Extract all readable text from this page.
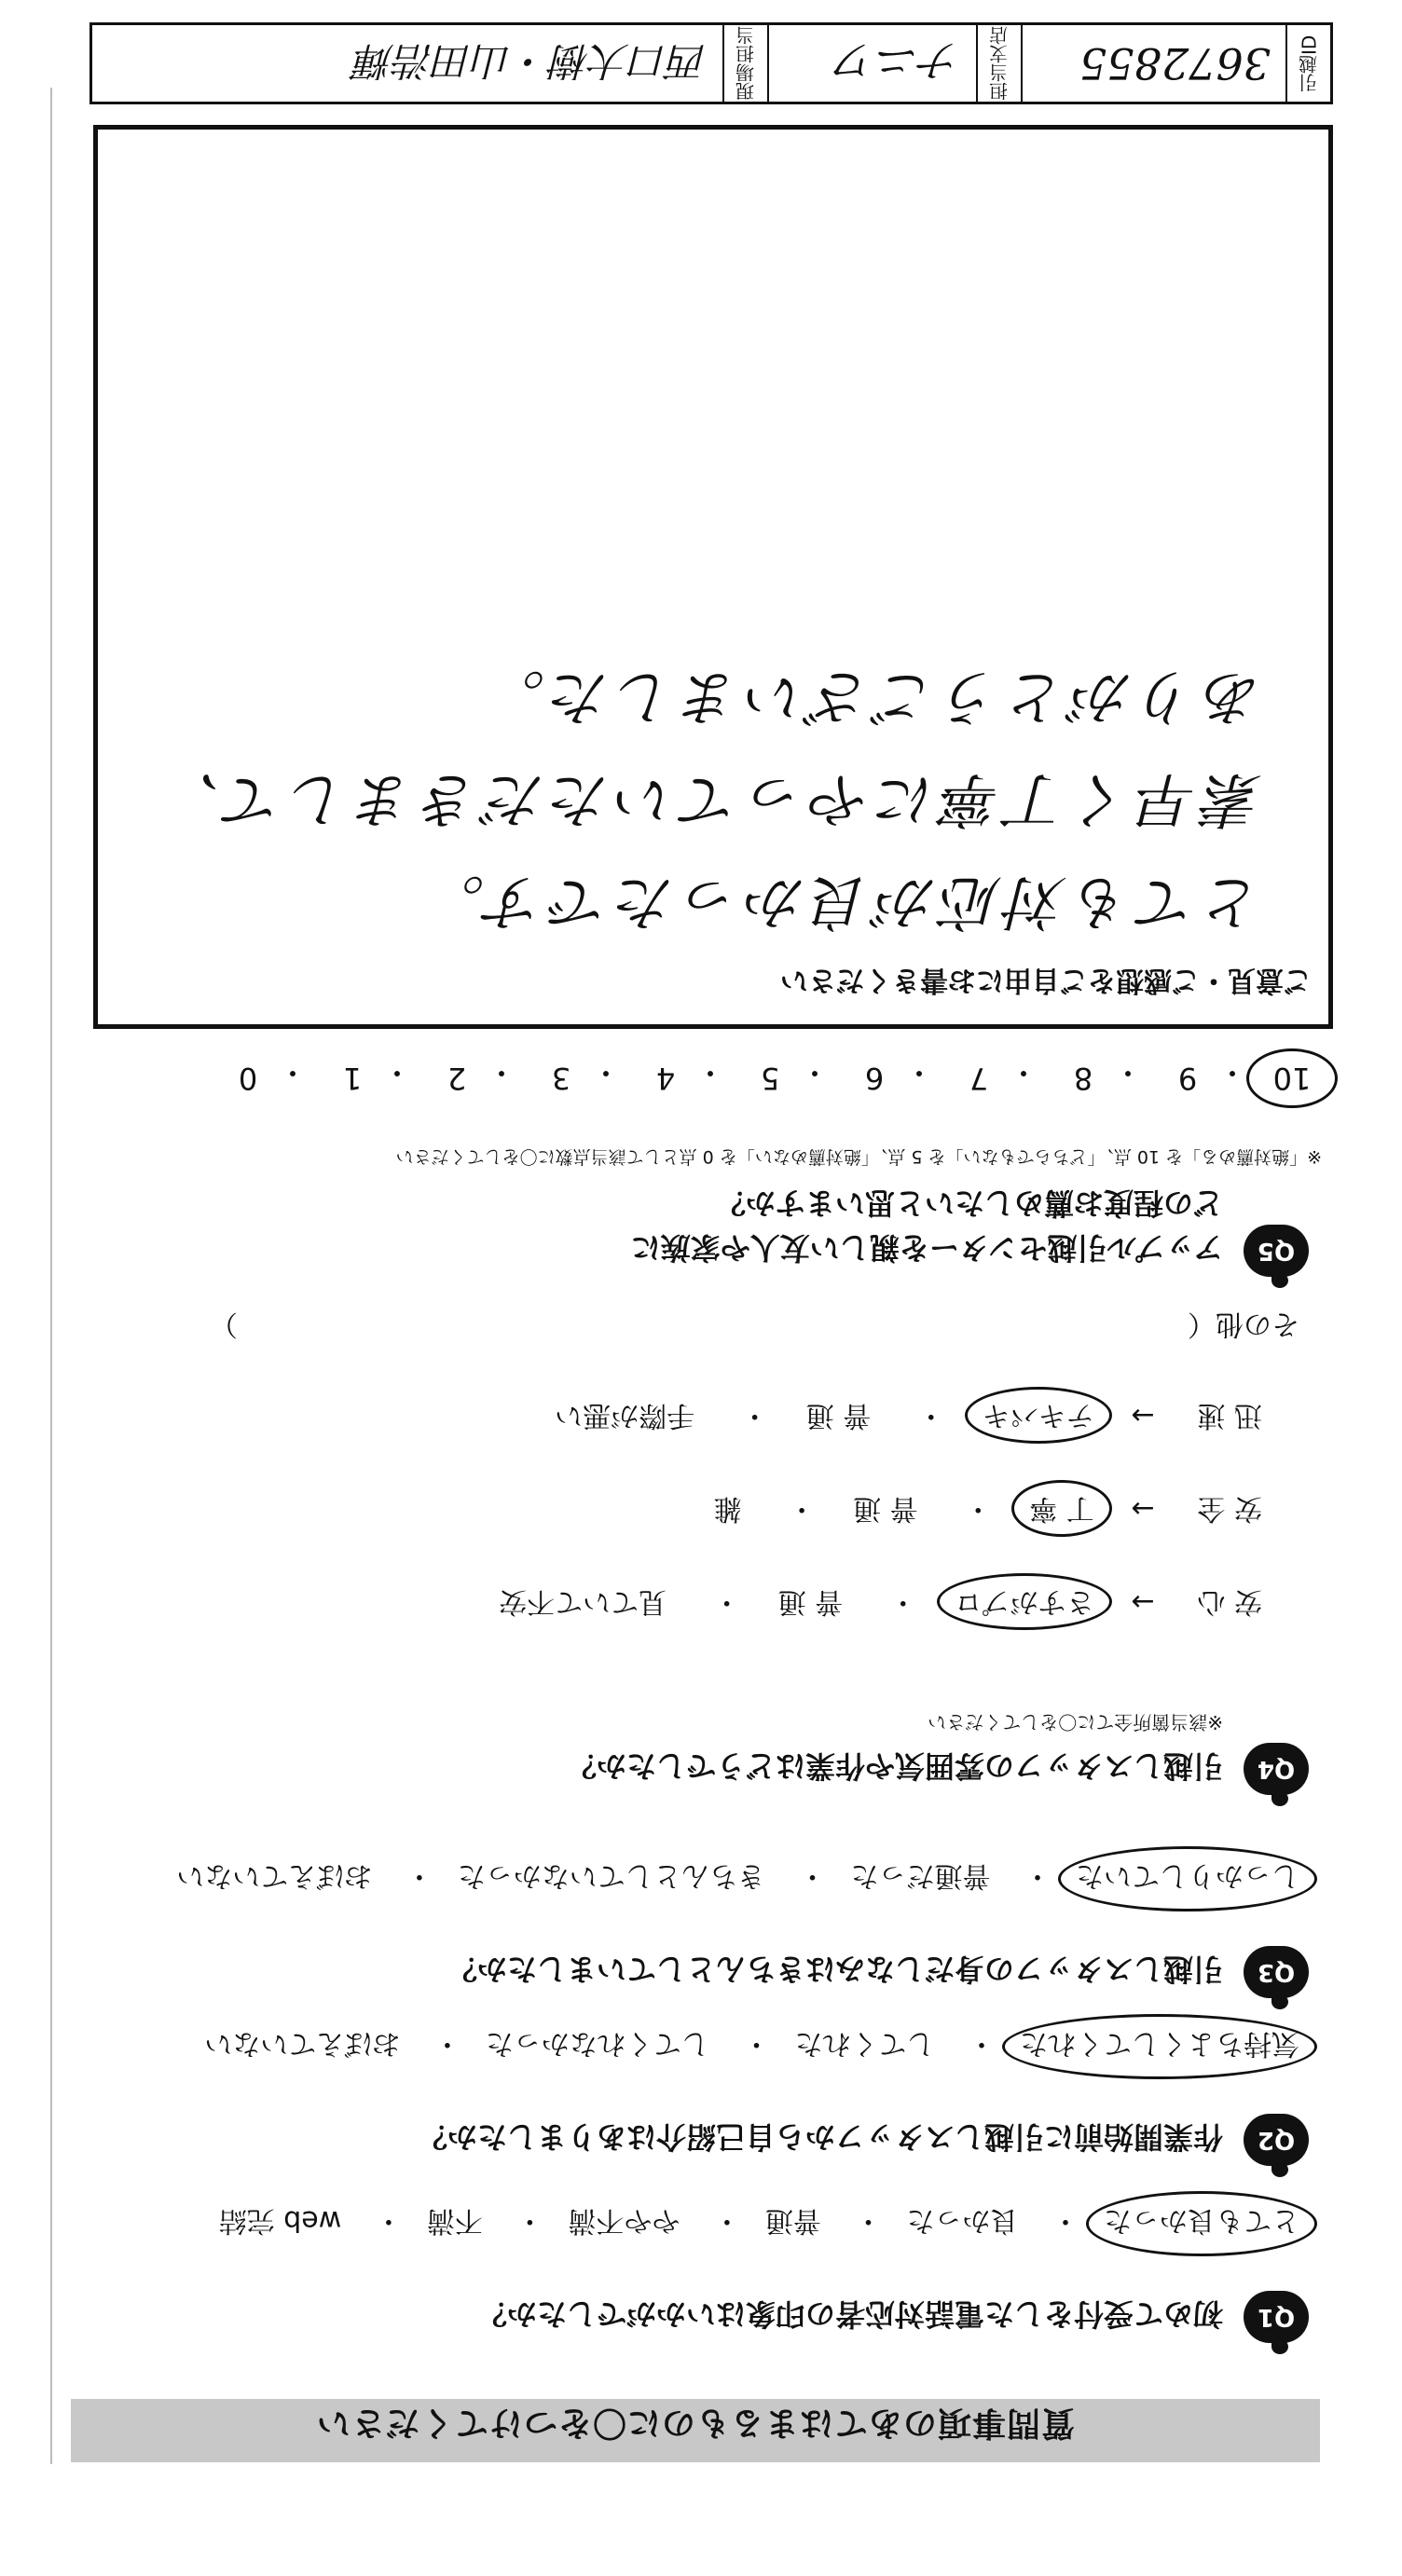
質問事項のあてはまるものに〇をつけてください
Q1
初めて受付をした電話対応者の印象はいかがでしたか？
とても良かった・ 良かった・ 普通・ やや不満・ 不満・ web 完結
Q2
作業開始前に引越しスタッフから自己紹介はありましたか？
気持ちよくしてくれた・ してくれた・ してくれなかった・ おぼえていない
Q3
引越しスタッフの身だしなみはきちんとしていましたか？
しっかりしていた・ 普通だった・ きちんとしていなかった・ おぼえていない
Q4
引越しスタッフの雰囲気や作業はどうでしたか？
※該当箇所全てに〇をしてください
安 心 → さすがプロ・ 普 通・ 見ていて不安
安 全 → 丁 寧・ 普 通・ 雑
迅 速 → テキパキ・ 普 通・ 手際が悪い
その他（  ）
Q5
アップル引越センターを親しい友人や家族に
どの程度お薦めしたいと思いますか？
※「絶対薦める」を 10 点、「どちらでもない」を 5 点、「絶対薦めない」を 0 点として該当点数に〇をしてください
10
・
9
・
8
・
7
・
6
・
5
・
4
・
3
・
2
・
1
・
0
ご意見・ご感想をご自由にお書きください
とても対応が良かったです。
素早く丁寧にやっていただきまして、
ありがとうございました。
引越ID
3672855
担当支店
ナニワ
現場担当
西口大樹・山田浩輝
